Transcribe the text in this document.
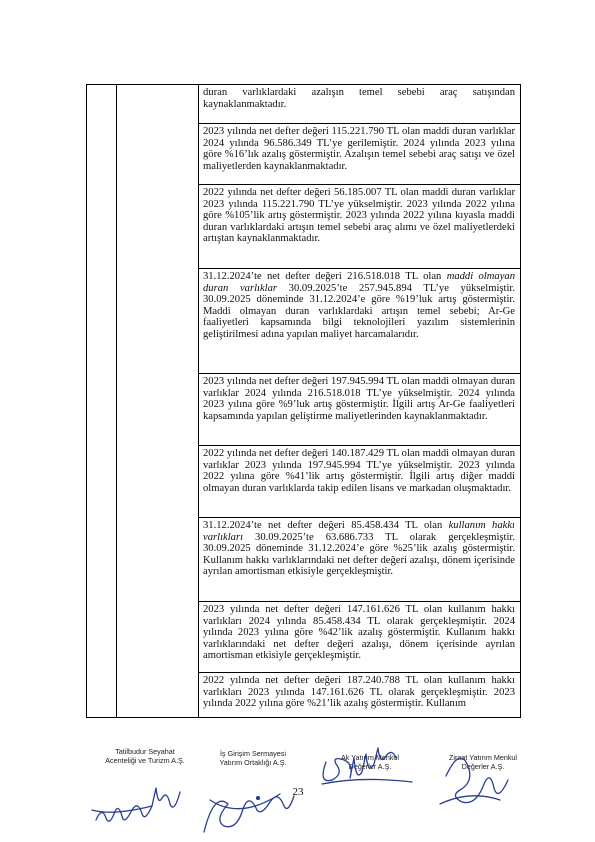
duran varlıklardaki azalışın temel sebebi araç satışından kaynaklanmaktadır.

2023 yılında net defter değeri 115.221.790 TL olan maddi duran varlıklar 2024 yılında 96.586.349 TL’ye gerilemiştir. 2024 yılında 2023 yılına göre %16’lık azalış göstermiştir. Azalışın temel sebebi araç satışı ve özel maliyetlerden kaynaklanmaktadır.

2022 yılında net defter değeri 56.185.007 TL olan maddi duran varlıklar 2023 yılında 115.221.790 TL’ye yükselmiştir. 2023 yılında 2022 yılına göre %105’lik artış göstermiştir. 2023 yılında 2022 yılına kıyasla maddi duran varlıklardaki artışın temel sebebi araç alımı ve özel maliyetlerdeki artıştan kaynaklanmaktadır.

31.12.2024’te net defter değeri 216.518.018 TL olan maddi olmayan duran varlıklar 30.09.2025’te 257.945.894 TL’ye yükselmiştir. 30.09.2025 döneminde 31.12.2024’e göre %19’luk artış göstermiştir. Maddi olmayan duran varlıklardaki artışın temel sebebi; Ar-Ge faaliyetleri kapsamında bilgi teknolojileri yazılım sistemlerinin geliştirilmesi adına yapılan maliyet harcamalarıdır.

2023 yılında net defter değeri 197.945.994 TL olan maddi olmayan duran varlıklar 2024 yılında 216.518.018 TL’ye yükselmiştir. 2024 yılında 2023 yılına göre %9’luk artış göstermiştir. İlgili artış Ar-Ge faaliyetleri kapsamında yapılan geliştirme maliyetlerinden kaynaklanmaktadır.

2022 yılında net defter değeri 140.187.429 TL olan maddi olmayan duran varlıklar 2023 yılında 197.945.994 TL’ye yükselmiştir. 2023 yılında 2022 yılına göre %41’lik artış göstermiştir. İlgili artış diğer maddi olmayan duran varlıklarda takip edilen lisans ve markadan oluşmaktadır.

31.12.2024’te net defter değeri 85.458.434 TL olan kullanım hakkı varlıkları 30.09.2025’te 63.686.733 TL olarak gerçekleşmiştir. 30.09.2025 döneminde 31.12.2024’e göre %25’lik azalış göstermiştir. Kullanım hakkı varlıklarındaki net defter değeri azalışı, dönem içerisinde ayrılan amortisman etkisiyle gerçekleşmiştir.

2023 yılında net defter değeri 147.161.626 TL olan kullanım hakkı varlıkları 2024 yılında 85.458.434 TL olarak gerçekleşmiştir. 2024 yılında 2023 yılına göre %42’lik azalış göstermiştir. Kullanım hakkı varlıklarındaki net defter değeri azalışı, dönem içerisinde ayrılan amortisman etkisiyle gerçekleşmiştir.

2022 yılında net defter değeri 187.240.788 TL olan kullanım hakkı varlıkları 2023 yılında 147.161.626 TL olarak gerçekleşmiştir. 2023 yılında 2022 yılına göre %21’lik azalış göstermiştir. Kullanım

Tatilbudur Seyahat
Acenteliği ve Turizm A.Ş.
İş Girişim Sermayesi
Yatırım Ortaklığı A.Ş.	Ak Yatırım Menkul
Değerler A.Ş.
Ziraat Yatırım Menkul
Değerler A.Ş.
23
